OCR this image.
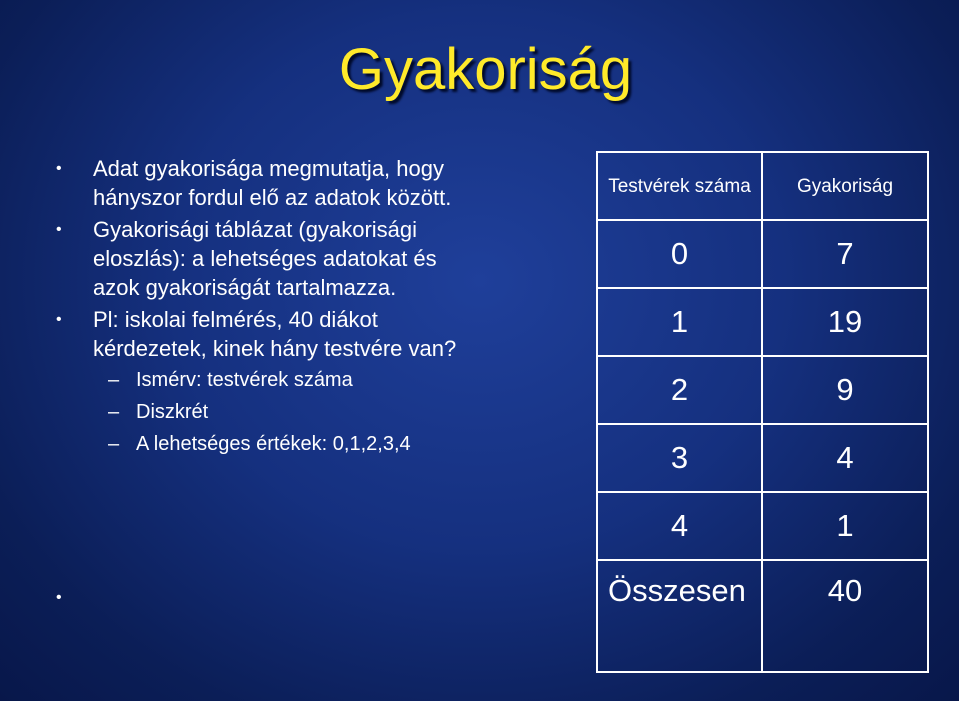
Gyakoriság
• Adat gyakorisága megmutatja, hogy hányszor fordul elő az adatok között.
• Gyakorisági táblázat (gyakorisági eloszlás): a lehetséges adatokat és azok gyakoriságát tartalmazza.
• Pl: iskolai felmérés, 40 diákot kérdezetek, kinek hány testvére van?
– Ismérv: testvérek száma
– Diszkrét
– A lehetséges értékek: 0,1,2,3,4
•
Testvérek száma	Gyakoriság
0	7
1	19
2	9
3	4
4	1
Összesen	40
